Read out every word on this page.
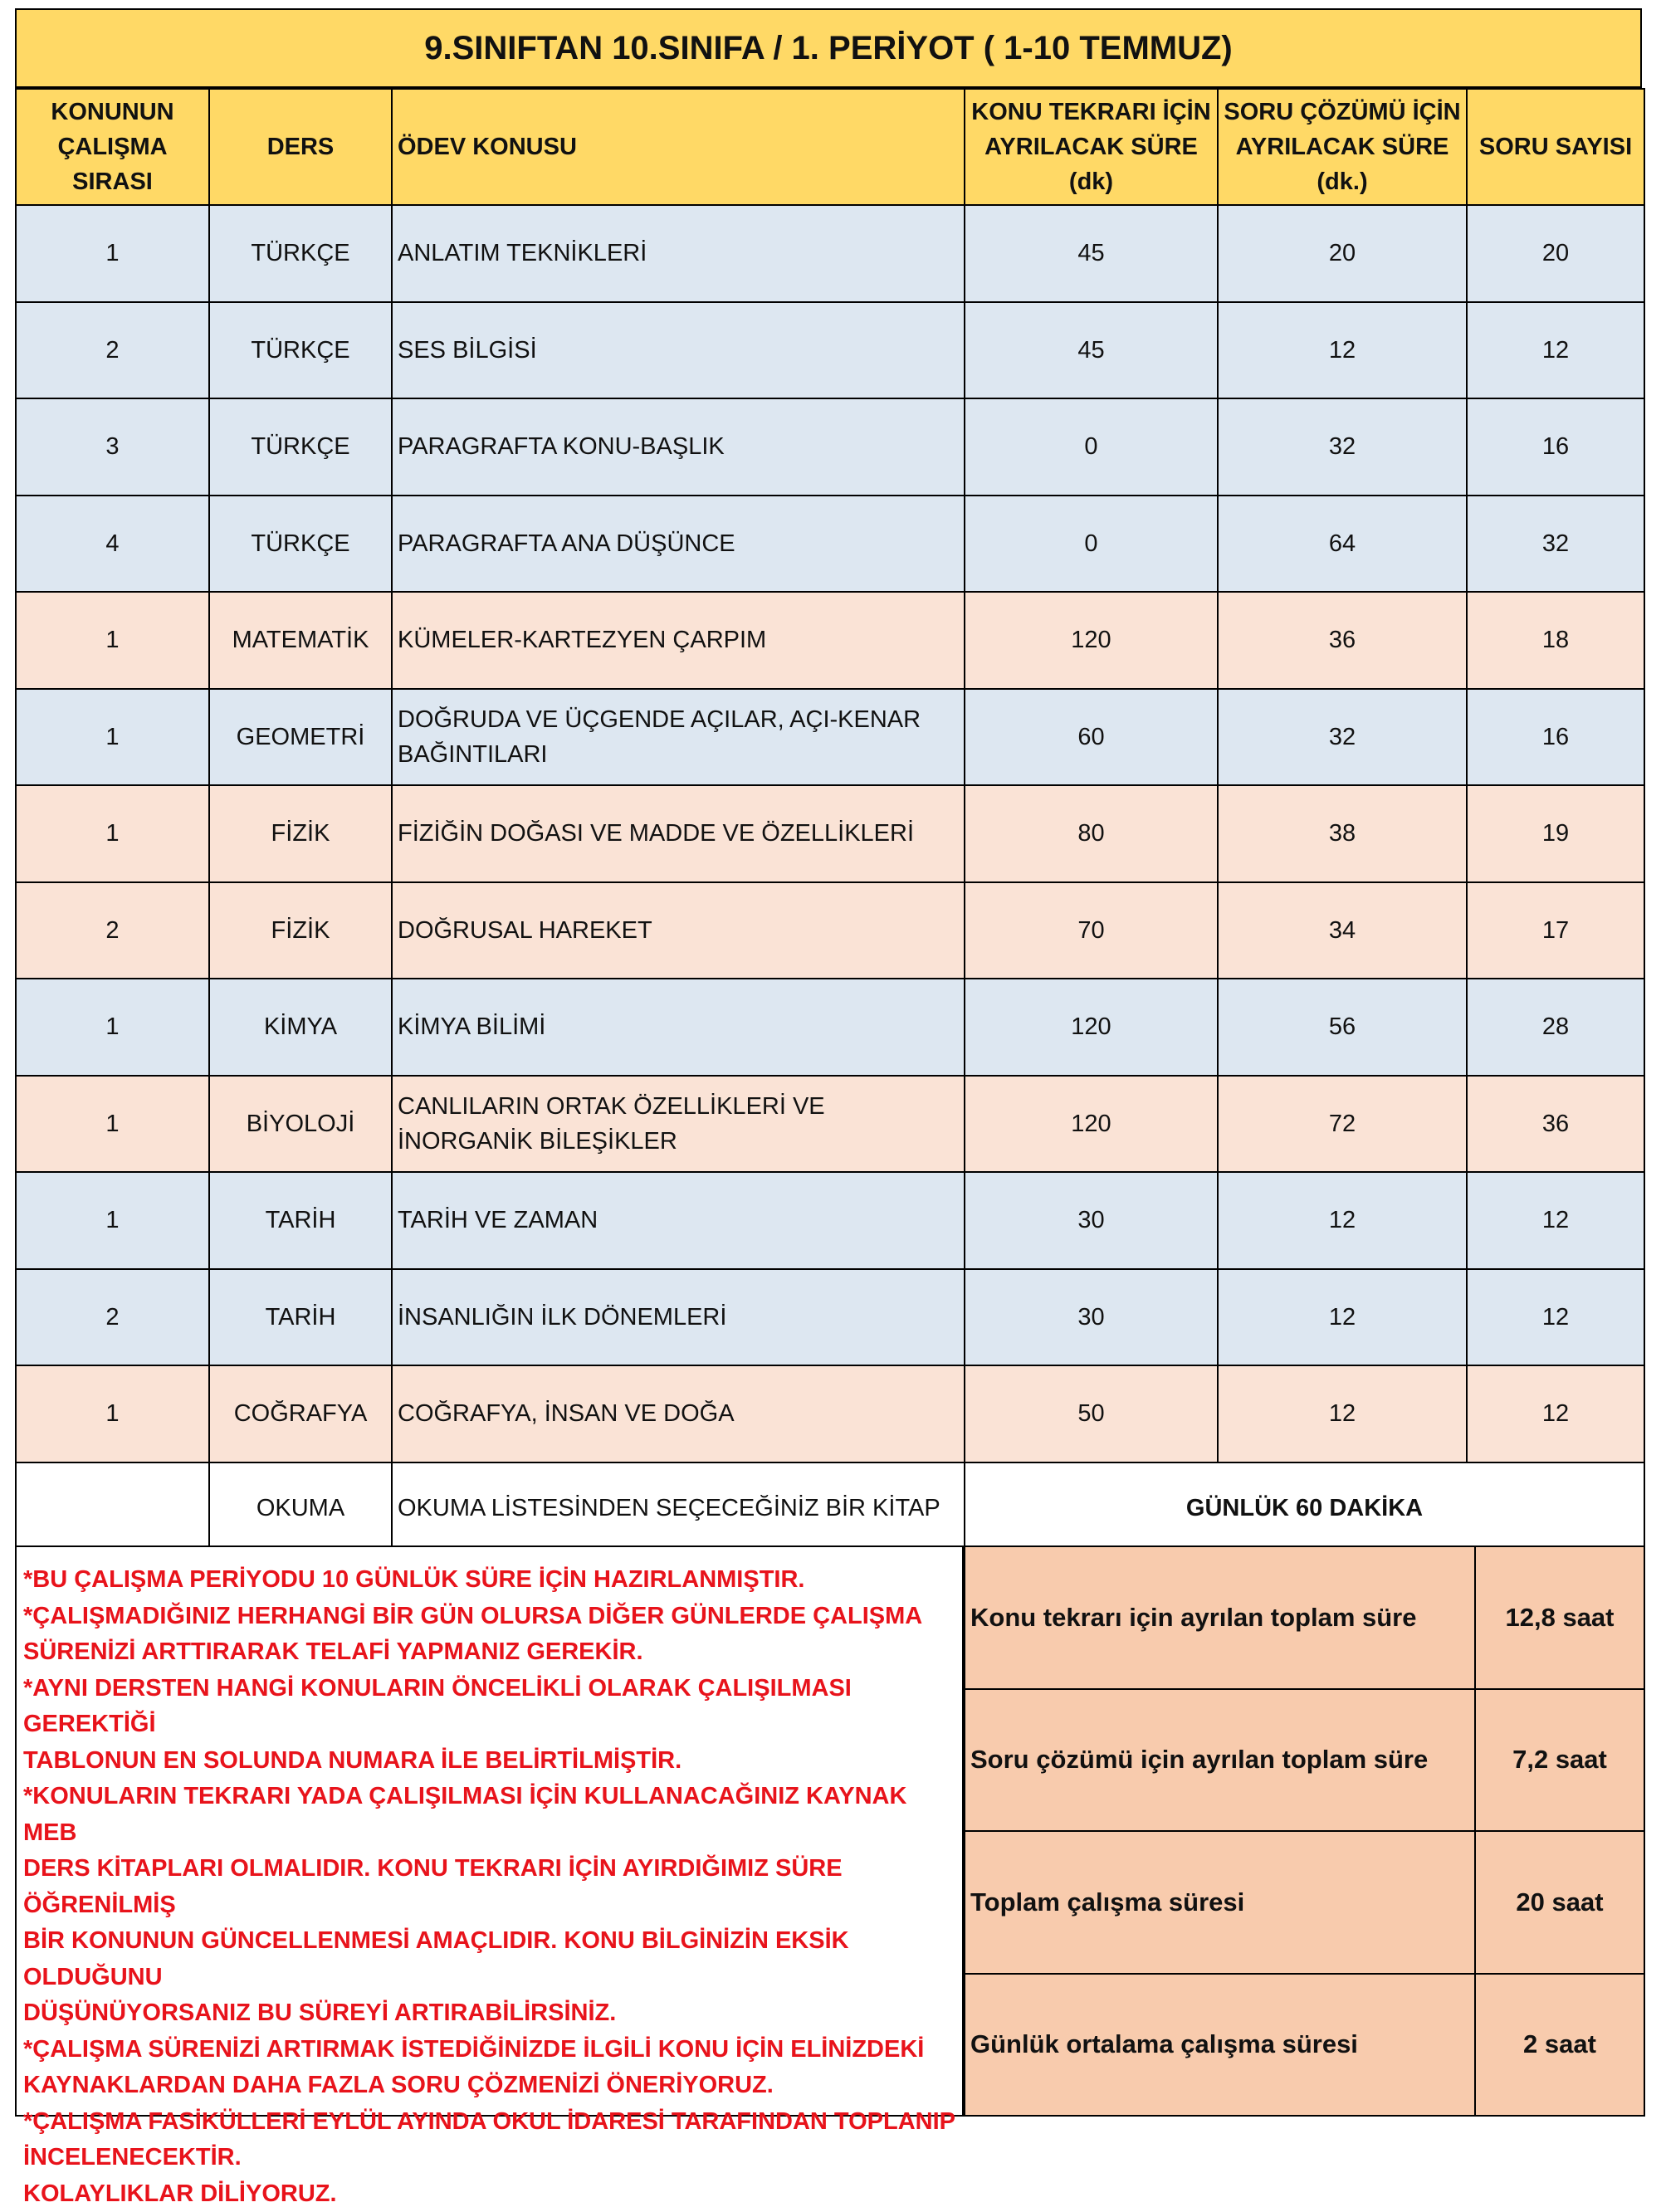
9.SINIFTAN 10.SINIFA / 1. PERİYOT ( 1-10 TEMMUZ)
KONUNUN ÇALIŞMA SIRASI	DERS	ÖDEV KONUSU	KONU TEKRARI İÇİN AYRILACAK SÜRE (dk)	SORU ÇÖZÜMÜ İÇİN AYRILACAK SÜRE (dk.)	SORU SAYISI
1	TÜRKÇE	ANLATIM TEKNİKLERİ	45	20	20
2	TÜRKÇE	SES BİLGİSİ	45	12	12
3	TÜRKÇE	PARAGRAFTA KONU-BAŞLIK	0	32	16
4	TÜRKÇE	PARAGRAFTA ANA DÜŞÜNCE	0	64	32
1	MATEMATİK	KÜMELER-KARTEZYEN ÇARPIM	120	36	18
1	GEOMETRİ	DOĞRUDA VE ÜÇGENDE AÇILAR, AÇI-KENAR BAĞINTILARI	60	32	16
1	FİZİK	FİZİĞİN DOĞASI VE MADDE VE ÖZELLİKLERİ	80	38	19
2	FİZİK	DOĞRUSAL HAREKET	70	34	17
1	KİMYA	KİMYA BİLİMİ	120	56	28
1	BİYOLOJİ	CANLILARIN ORTAK ÖZELLİKLERİ VE İNORGANİK BİLEŞİKLER	120	72	36
1	TARİH	TARİH VE ZAMAN	30	12	12
2	TARİH	İNSANLIĞIN İLK DÖNEMLERİ	30	12	12
1	COĞRAFYA	COĞRAFYA, İNSAN VE DOĞA	50	12	12
	OKUMA	OKUMA LİSTESİNDEN SEÇECEĞİNİZ BİR KİTAP	GÜNLÜK 60 DAKİKA		

*BU ÇALIŞMA PERİYODU 10 GÜNLÜK SÜRE İÇİN HAZIRLANMIŞTIR.

*ÇALIŞMADIĞINIZ HERHANGİ BİR GÜN OLURSA DİĞER GÜNLERDE ÇALIŞMA

SÜRENİZİ ARTTIRARAK TELAFİ YAPMANIZ GEREKİR.

*AYNI DERSTEN HANGİ KONULARIN ÖNCELİKLİ OLARAK ÇALIŞILMASI GEREKTİĞİ

TABLONUN EN SOLUNDA NUMARA İLE BELİRTİLMİŞTİR.

*KONULARIN TEKRARI YADA ÇALIŞILMASI İÇİN KULLANACAĞINIZ KAYNAK MEB

DERS KİTAPLARI OLMALIDIR. KONU TEKRARI İÇİN AYIRDIĞIMIZ SÜRE ÖĞRENİLMİŞ

BİR KONUNUN GÜNCELLENMESİ AMAÇLIDIR. KONU BİLGİNİZİN EKSİK OLDUĞUNU

DÜŞÜNÜYORSANIZ BU SÜREYİ ARTIRABİLİRSİNİZ.

*ÇALIŞMA SÜRENİZİ ARTIRMAK İSTEDİĞİNİZDE İLGİLİ KONU İÇİN ELİNİZDEKİ

KAYNAKLARDAN DAHA FAZLA SORU ÇÖZMENİZİ ÖNERİYORUZ.

*ÇALIŞMA FASİKÜLLERİ EYLÜL AYINDA OKUL İDARESİ TARAFINDAN TOPLANIP

İNCELENECEKTİR.

KOLAYLIKLAR DİLİYORUZ.

Konu tekrarı için ayrılan toplam süre	12,8 saat
Soru çözümü için ayrılan toplam süre	7,2 saat
Toplam çalışma süresi	20 saat
Günlük ortalama çalışma süresi	2 saat
